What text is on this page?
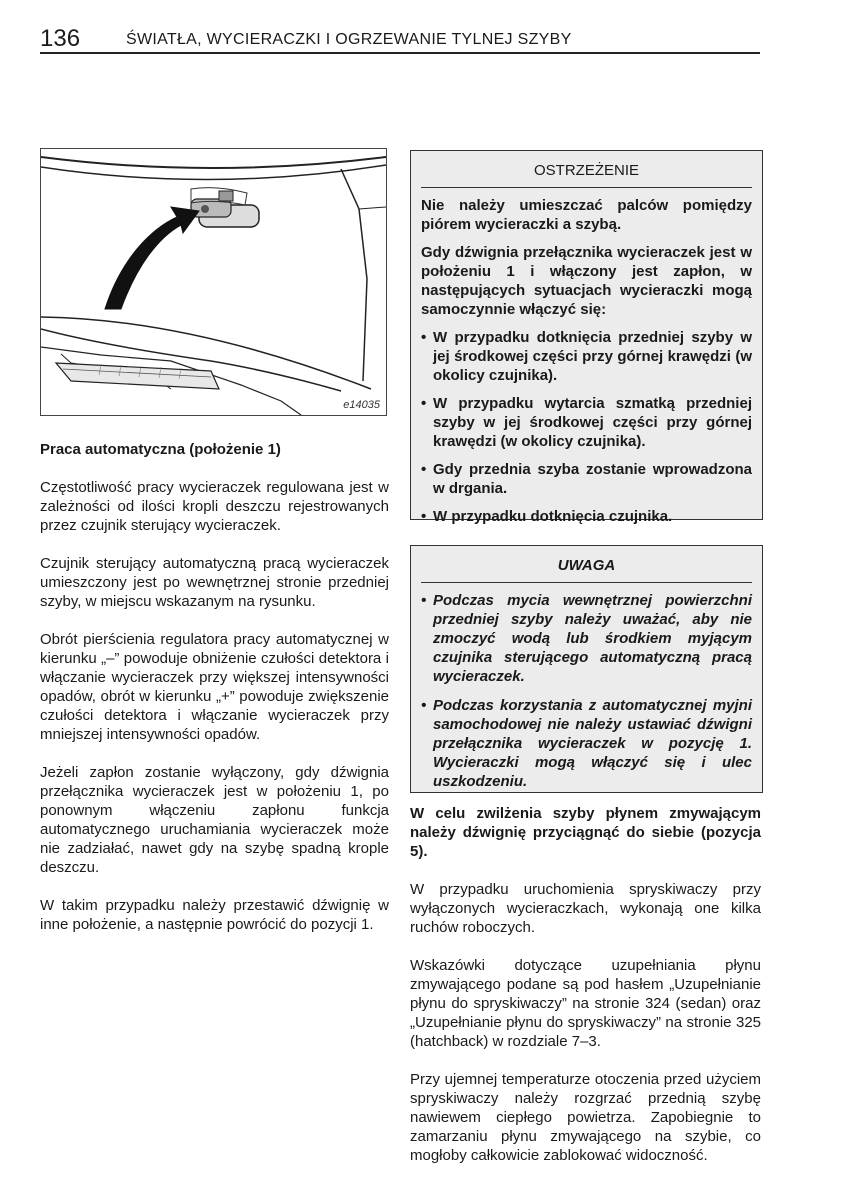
136	ŚWIATŁA, WYCIERACZKI I OGRZEWANIE TYLNEJ SZYBY
e14035
Praca automatyczna (położenie 1)

Częstotliwość pracy wycieraczek regulowana jest w zależności od ilości kropli deszczu rejestrowanych przez czujnik sterujący wycieraczek.

Czujnik sterujący automatyczną pracą wycieraczek umieszczony jest po wewnętrznej stronie przedniej szyby, w miejscu wskazanym na rysunku.

Obrót pierścienia regulatora pracy automatycznej w kierunku „–” powoduje obniżenie czułości detektora i włączanie wycieraczek przy większej intensywności opadów, obrót w kierunku „+” powoduje zwiększenie czułości detektora i włączanie wycieraczek przy mniejszej intensywności opadów.

Jeżeli zapłon zostanie wyłączony, gdy dźwignia przełącznika wycieraczek jest w położeniu 1, po ponownym włączeniu zapłonu funkcja automatycznego uruchamiania wycieraczek może nie zadziałać, nawet gdy na szybę spadną krople deszczu.

W takim przypadku należy przestawić dźwignię w inne położenie, a następnie powrócić do pozycji 1.

OSTRZEŻENIE

Nie należy umieszczać palców pomiędzy piórem wycieraczki a szybą.

Gdy dźwignia przełącznika wycieraczek jest w położeniu 1 i włączony jest zapłon, w następujących sytuacjach wycieraczki mogą samoczynnie włączyć się:

• W przypadku dotknięcia przedniej szyby w jej środkowej części przy górnej krawędzi (w okolicy czujnika).
• W przypadku wytarcia szmatką przedniej szyby w jej środkowej części przy górnej krawędzi (w okolicy czujnika).
• Gdy przednia szyba zostanie wprowadzona w drgania.
• W przypadku dotknięcia czujnika.
UWAGA
• Podczas mycia wewnętrznej powierzchni przedniej szyby należy uważać, aby nie zmoczyć wodą lub środkiem myjącym czujnika sterującego automatyczną pracą wycieraczek.
• Podczas korzystania z automatycznej myjni samochodowej nie należy ustawiać dźwigni przełącznika wycieraczek w pozycję 1. Wycieraczki mogą włączyć się i ulec uszkodzeniu.

W celu zwilżenia szyby płynem zmywającym należy dźwignię przyciągnąć do siebie (pozycja 5).

W przypadku uruchomienia spryskiwaczy przy wyłączonych wycieraczkach, wykonają one kilka ruchów roboczych.

Wskazówki dotyczące uzupełniania płynu zmywającego podane są pod hasłem „Uzupełnianie płynu do spryskiwaczy” na stronie 324 (sedan) oraz „Uzupełnianie płynu do spryskiwaczy” na stronie 325 (hatchback) w rozdziale 7–3.

Przy ujemnej temperaturze otoczenia przed użyciem spryskiwaczy należy rozgrzać przednią szybę nawiewem ciepłego powietrza. Zapobiegnie to zamarzaniu płynu zmywającego na szybie, co mogłoby całkowicie zablokować widoczność.
